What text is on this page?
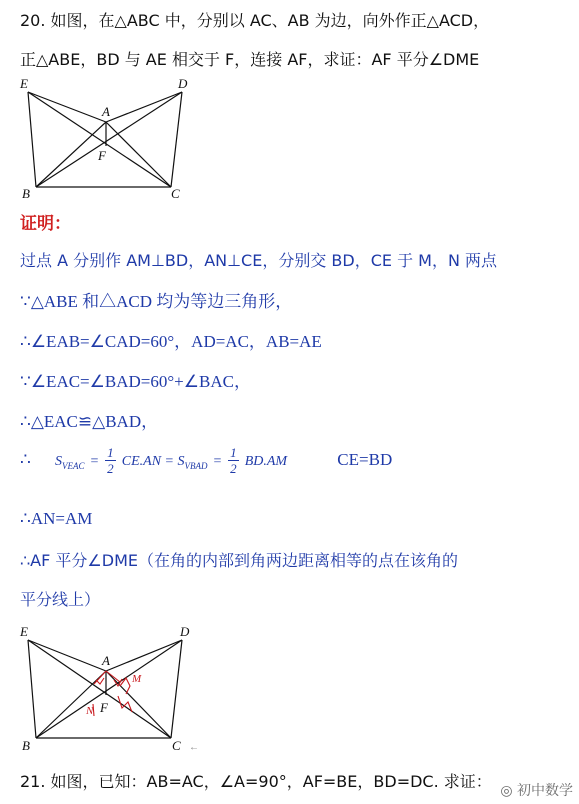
20. 如图，在△ABC 中，分别以 AC、AB 为边，向外作正△ACD，
正△ABE，BD 与 AE 相交于 F，连接 AF，求证：AF 平分∠DME
E	D
A
F
B	C
证明：
过点 A 分别作 AM⊥BD，AN⊥CE，分别交 BD，CE 于 M，N 两点
∵△ABE 和△ACD 均为等边三角形，
∴∠EAB=∠CAD=60°，AD=AC，AB=AE
∵∠EAC=∠BAD=60°+∠BAC，
∴△EAC≌△BAD，
∴ $S_{VEAC} = \frac{1}{2} CE.AN = S_{VBAD} = \frac{1}{2} BD.AM$	CE=BD
∴AN=AM
∴AF 平分∠DME（在角的内部到角两边距离相等的点在该角的
平分线上）
N
M
E	D
A
F
B	C ←
21. 如图，已知：AB=AC，∠A=90°，AF=BE，BD=DC. 求证： ◎ 初中数学
